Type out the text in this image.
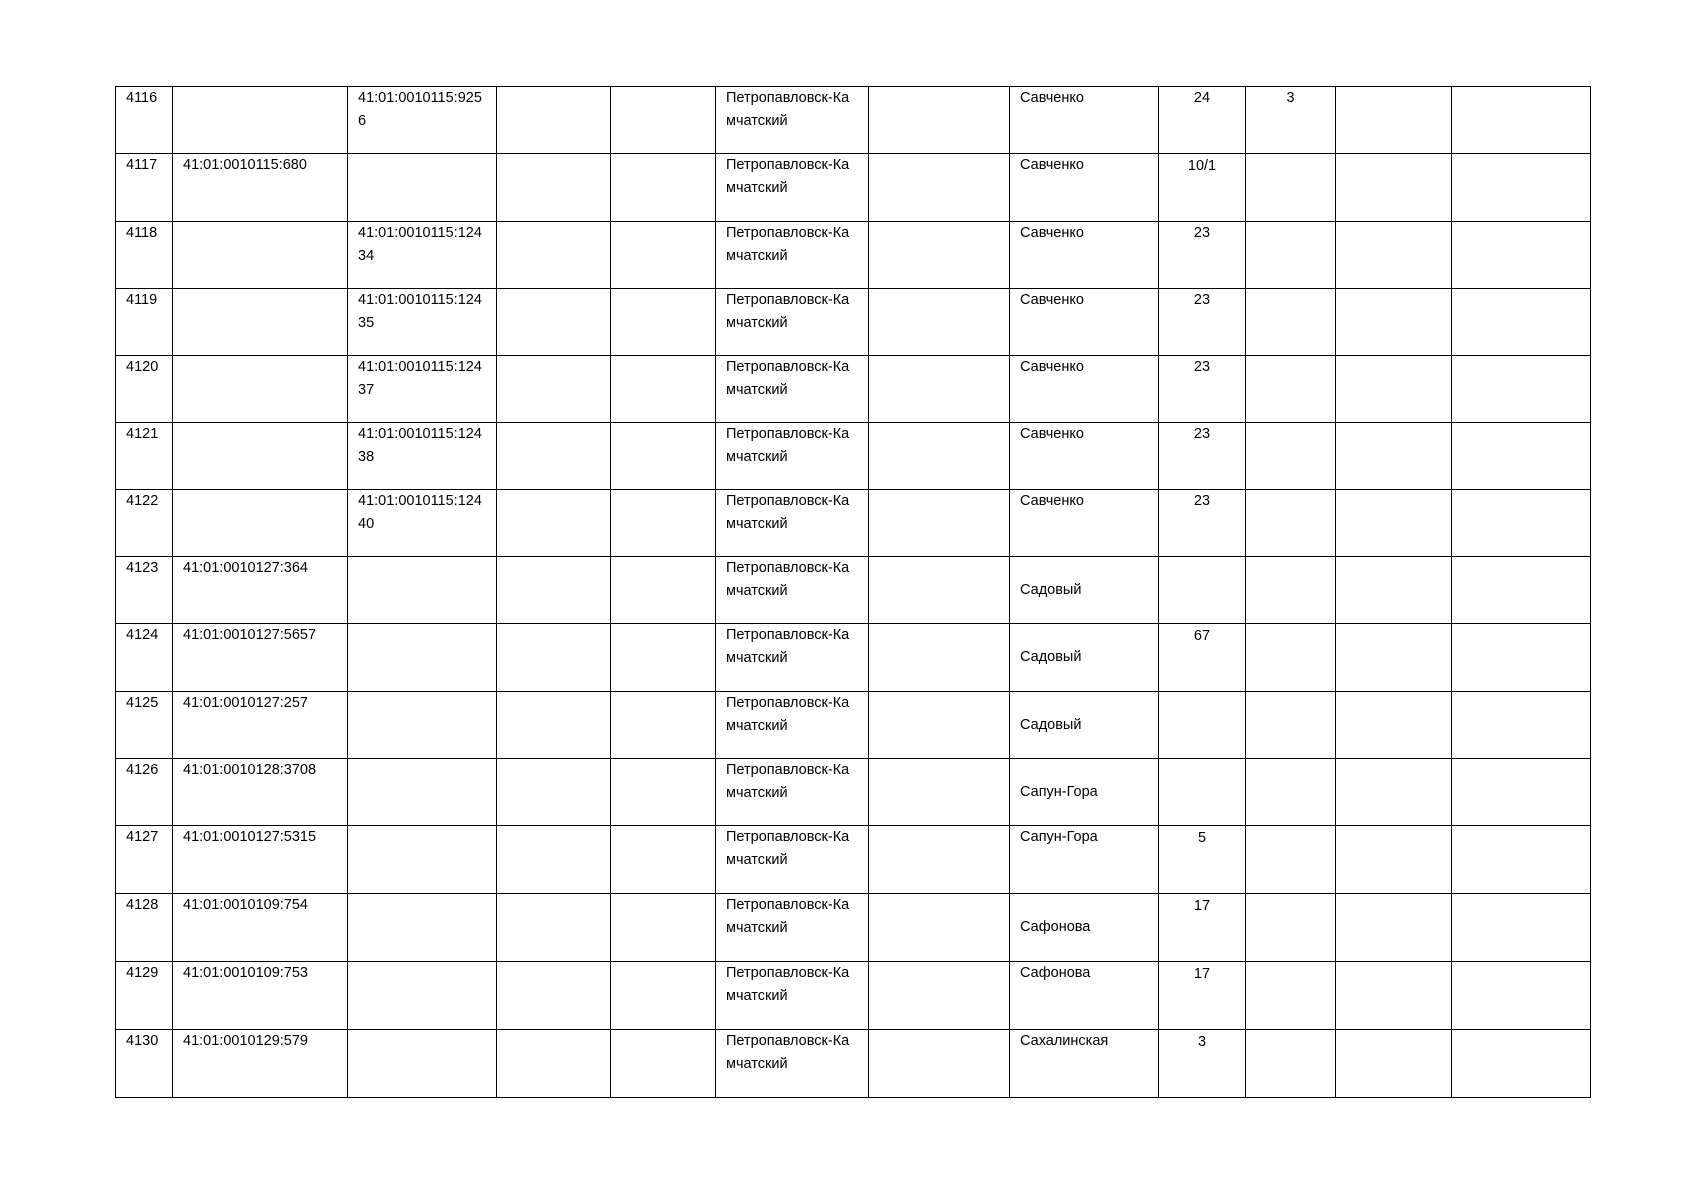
4116		41:01:0010115:9256			Петропавловск-Камчатский		Савченко	24	3		
4117	41:01:0010115:680				Петропавловск-Камчатский		Савченко	10/1			
4118		41:01:0010115:12434			Петропавловск-Камчатский		Савченко	23			
4119		41:01:0010115:12435			Петропавловск-Камчатский		Савченко	23			
4120		41:01:0010115:12437			Петропавловск-Камчатский		Савченко	23			
4121		41:01:0010115:12438			Петропавловск-Камчатский		Савченко	23			
4122		41:01:0010115:12440			Петропавловск-Камчатский		Савченко	23			
4123	41:01:0010127:364				Петропавловск-Камчатский		Садовый				
4124	41:01:0010127:5657				Петропавловск-Камчатский		Садовый	67			
4125	41:01:0010127:257				Петропавловск-Камчатский		Садовый				
4126	41:01:0010128:3708				Петропавловск-Камчатский		Сапун-Гора				
4127	41:01:0010127:5315				Петропавловск-Камчатский		Сапун-Гора	5			
4128	41:01:0010109:754				Петропавловск-Камчатский		Сафонова	17			
4129	41:01:0010109:753				Петропавловск-Камчатский		Сафонова	17			
4130	41:01:0010129:579				Петропавловск-Камчатский		Сахалинская	3			
